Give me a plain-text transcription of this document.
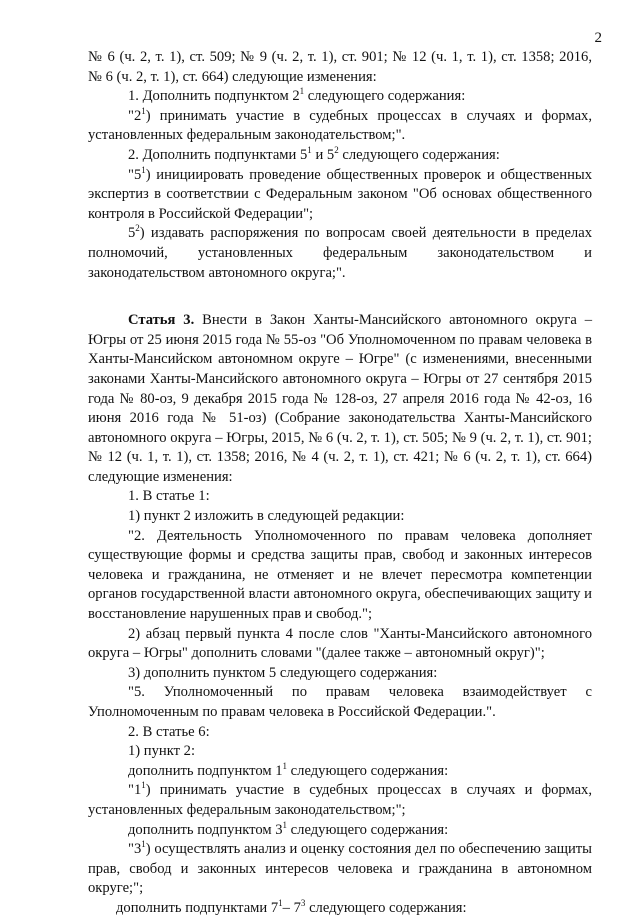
2

№ 6 (ч. 2, т. 1), ст. 509; № 9 (ч. 2, т. 1), ст. 901; № 12 (ч. 1, т. 1), ст. 1358; 2016,

№ 6 (ч. 2, т. 1), ст. 664) следующие изменения:

1. Дополнить подпунктом $2^1$ следующего содержания:

"$2^1$) принимать участие в судебных процессах в случаях и формах, установленных федеральным законодательством;".

2. Дополнить подпунктами $5^1$ и $5^2$ следующего содержания:

"$5^1$) инициировать проведение общественных проверок и общественных экспертиз в соответствии с Федеральным законом "Об основах общественного контроля в Российской Федерации";

$5^2$) издавать распоряжения по вопросам своей деятельности в пределах полномочий, установленных федеральным законодательством и законодательством автономного округа;".

Статья 3. Внести в Закон Ханты-Мансийского автономного округа – Югры от 25 июня 2015 года № 55-оз "Об Уполномоченном по правам человека в Ханты-Мансийском автономном округе – Югре" (с изменениями, внесенными законами Ханты-Мансийского автономного округа – Югры от 27 сентября 2015 года № 80-оз, 9 декабря 2015 года № 128-оз, 27 апреля 2016 года № 42-оз, 16 июня 2016 года № 51-оз) (Собрание законодательства Ханты-Мансийского автономного округа – Югры, 2015, № 6 (ч. 2, т. 1), ст. 505; № 9 (ч. 2, т. 1), ст. 901; № 12 (ч. 1, т. 1), ст. 1358; 2016, № 4 (ч. 2, т. 1), ст. 421; № 6 (ч. 2, т. 1), ст. 664) следующие изменения:

1. В статье 1:

1) пункт 2 изложить в следующей редакции:

"2. Деятельность Уполномоченного по правам человека дополняет существующие формы и средства защиты прав, свобод и законных интересов человека и гражданина, не отменяет и не влечет пересмотра компетенции органов государственной власти автономного округа, обеспечивающих защиту и восстановление нарушенных прав и свобод.";

2) абзац первый пункта 4 после слов "Ханты-Мансийского автономного округа – Югры" дополнить словами "(далее также – автономный округ)";

3) дополнить пунктом 5 следующего содержания:

"5. Уполномоченный по правам человека взаимодействует с Уполномоченным по правам человека в Российской Федерации.".

2. В статье 6:

1) пункт 2:

дополнить подпунктом $1^1$ следующего содержания:

"$1^1$) принимать участие в судебных процессах в случаях и формах, установленных федеральным законодательством;";

дополнить подпунктом $3^1$ следующего содержания:

"$3^1$) осуществлять анализ и оценку состояния дел по обеспечению защиты прав, свобод и законных интересов человека и гражданина в автономном округе;";

дополнить подпунктами $7^1-$ $7^3$ следующего содержания:
